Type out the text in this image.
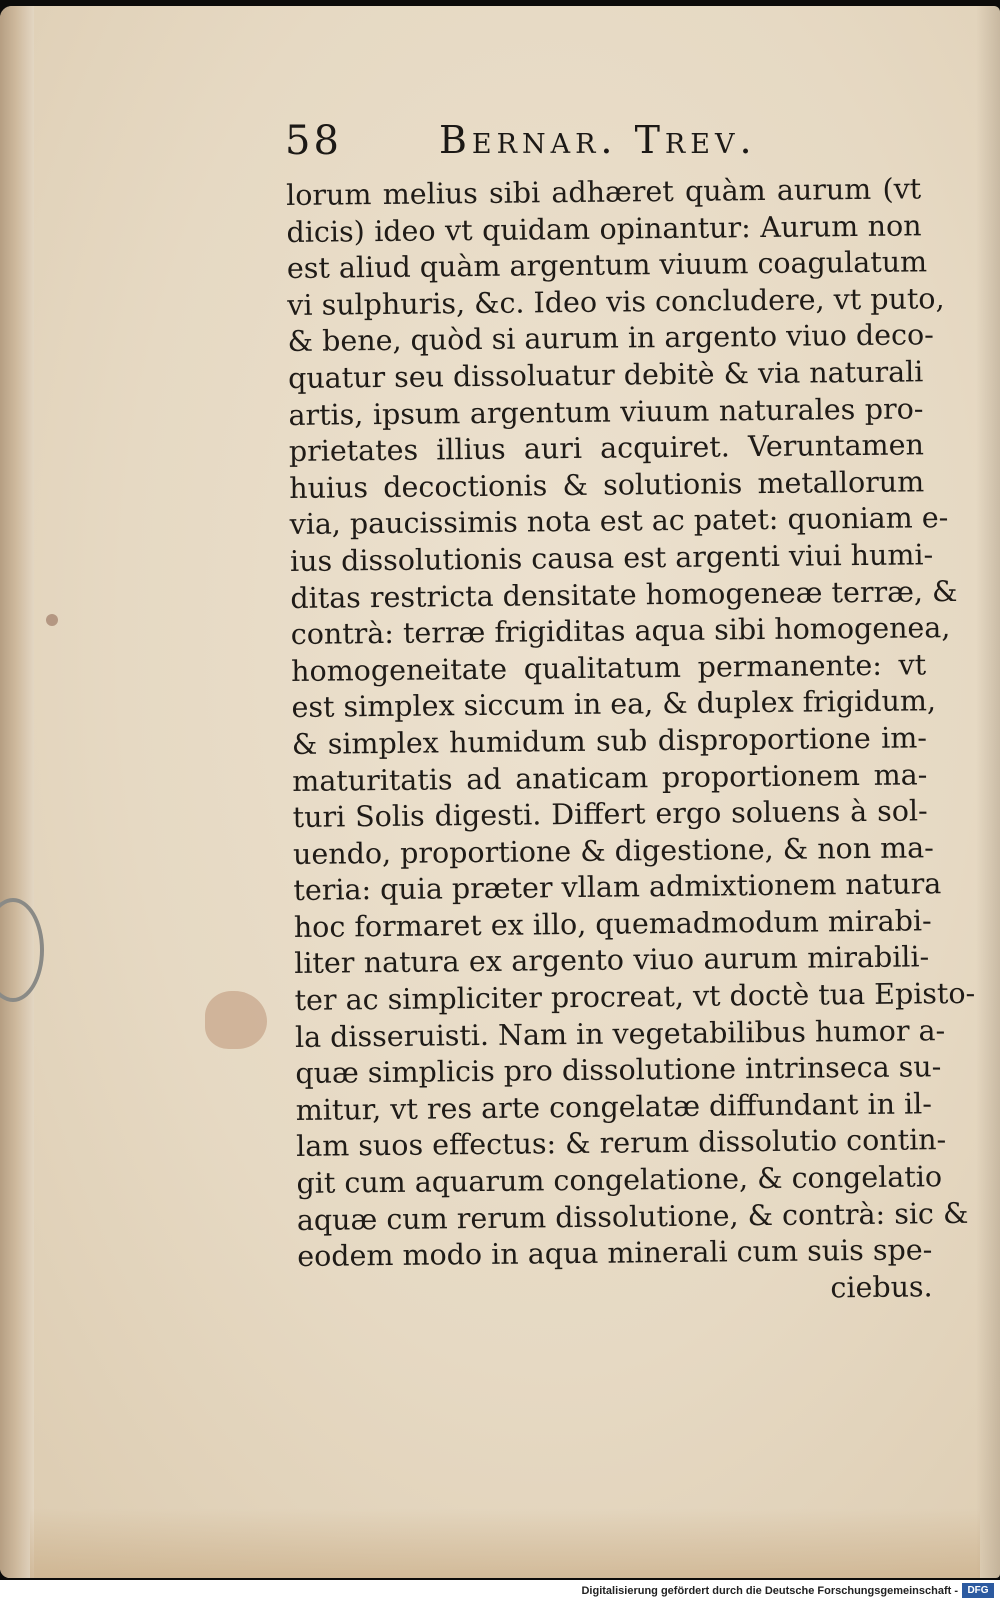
58	Bernar. Trev.
lorum melius sibi adhæret quàm aurum (vt
dicis) ideo vt quidam opinantur: Aurum non
est aliud quàm argentum viuum coagulatum
vi sulphuris, &c. Ideo vis concludere, vt puto,
& bene, quòd si aurum in argento viuo deco-
quatur seu dissoluatur debitè & via naturali
artis, ipsum argentum viuum naturales pro-
prietates illius auri acquiret. Veruntamen
huius decoctionis & solutionis metallorum
via, paucissimis nota est ac patet: quoniam e-
ius dissolutionis causa est argenti viui humi-
ditas restricta densitate homogeneæ terræ, &
contrà: terræ frigiditas aqua sibi homogenea,
homogeneitate qualitatum permanente: vt
est simplex siccum in ea, & duplex frigidum,
& simplex humidum sub disproportione im-
maturitatis ad anaticam proportionem ma-
turi Solis digesti. Differt ergo soluens à sol-
uendo, proportione & digestione, & non ma-
teria: quia præter vllam admixtionem natura
hoc formaret ex illo, quemadmodum mirabi-
liter natura ex argento viuo aurum mirabili-
ter ac simpliciter procreat, vt doctè tua Episto-
la disseruisti. Nam in vegetabilibus humor a-
quæ simplicis pro dissolutione intrinseca su-
mitur, vt res arte congelatæ diffundant in il-
lam suos effectus: & rerum dissolutio contin-
git cum aquarum congelatione, & congelatio
aquæ cum rerum dissolutione, & contrà: sic &
eodem modo in aqua minerali cum suis spe-
ciebus.
Digitalisierung gefördert durch die Deutsche Forschungsgemeinschaft - DFG
